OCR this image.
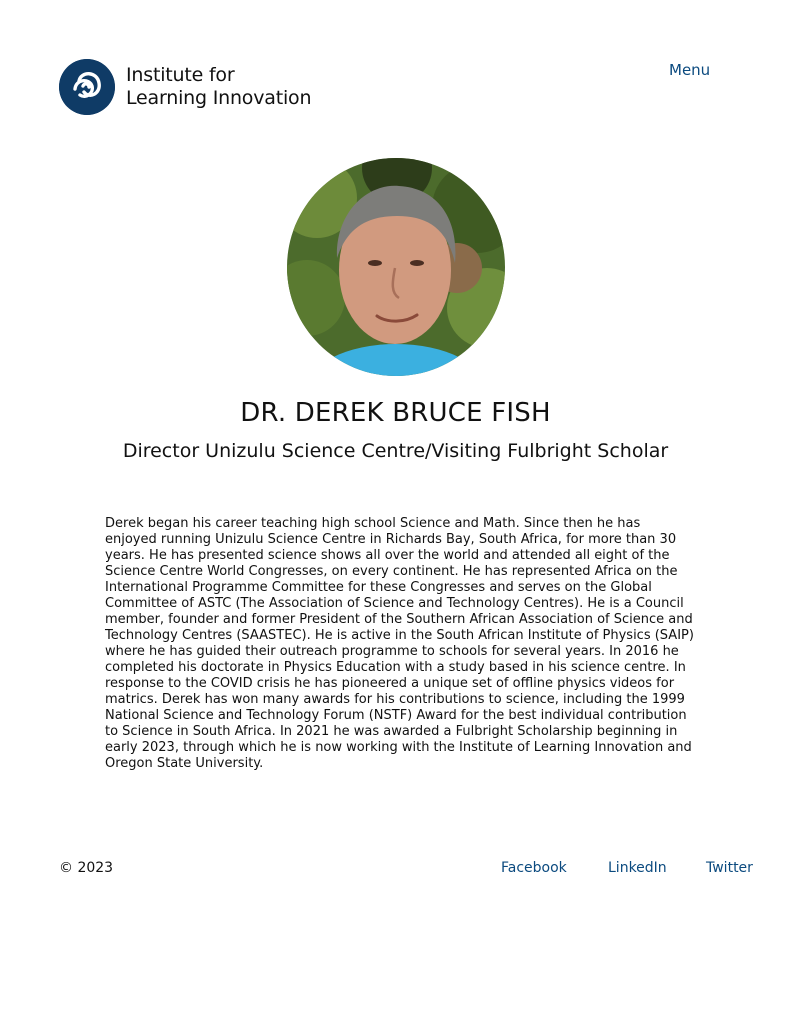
Institute for
Learning Innovation
Menu
DR. DEREK BRUCE FISH
Director Unizulu Science Centre/Visiting Fulbright Scholar

Derek began his career teaching high school Science and Math. Since then he has enjoyed running Unizulu Science Centre in Richards Bay, South Africa, for more than 30 years. He has presented science shows all over the world and attended all eight of the Science Centre World Congresses, on every continent. He has represented Africa on the International Programme Committee for these Congresses and serves on the Global Committee of ASTC (The Association of Science and Technology Centres). He is a Council member, founder and former President of the Southern African Association of Science and Technology Centres (SAASTEC). He is active in the South African Institute of Physics (SAIP) where he has guided their outreach programme to schools for several years. In 2016 he completed his doctorate in Physics Education with a study based in his science centre. In response to the COVID crisis he has pioneered a unique set of offline physics videos for matrics. Derek has won many awards for his contributions to science, including the 1999 National Science and Technology Forum (NSTF) Award for the best individual contribution to Science in South Africa. In 2021 he was awarded a Fulbright Scholarship beginning in early 2023, through which he is now working with the Institute of Learning Innovation and Oregon State University.

© 2023	Facebook	LinkedIn	Twitter
